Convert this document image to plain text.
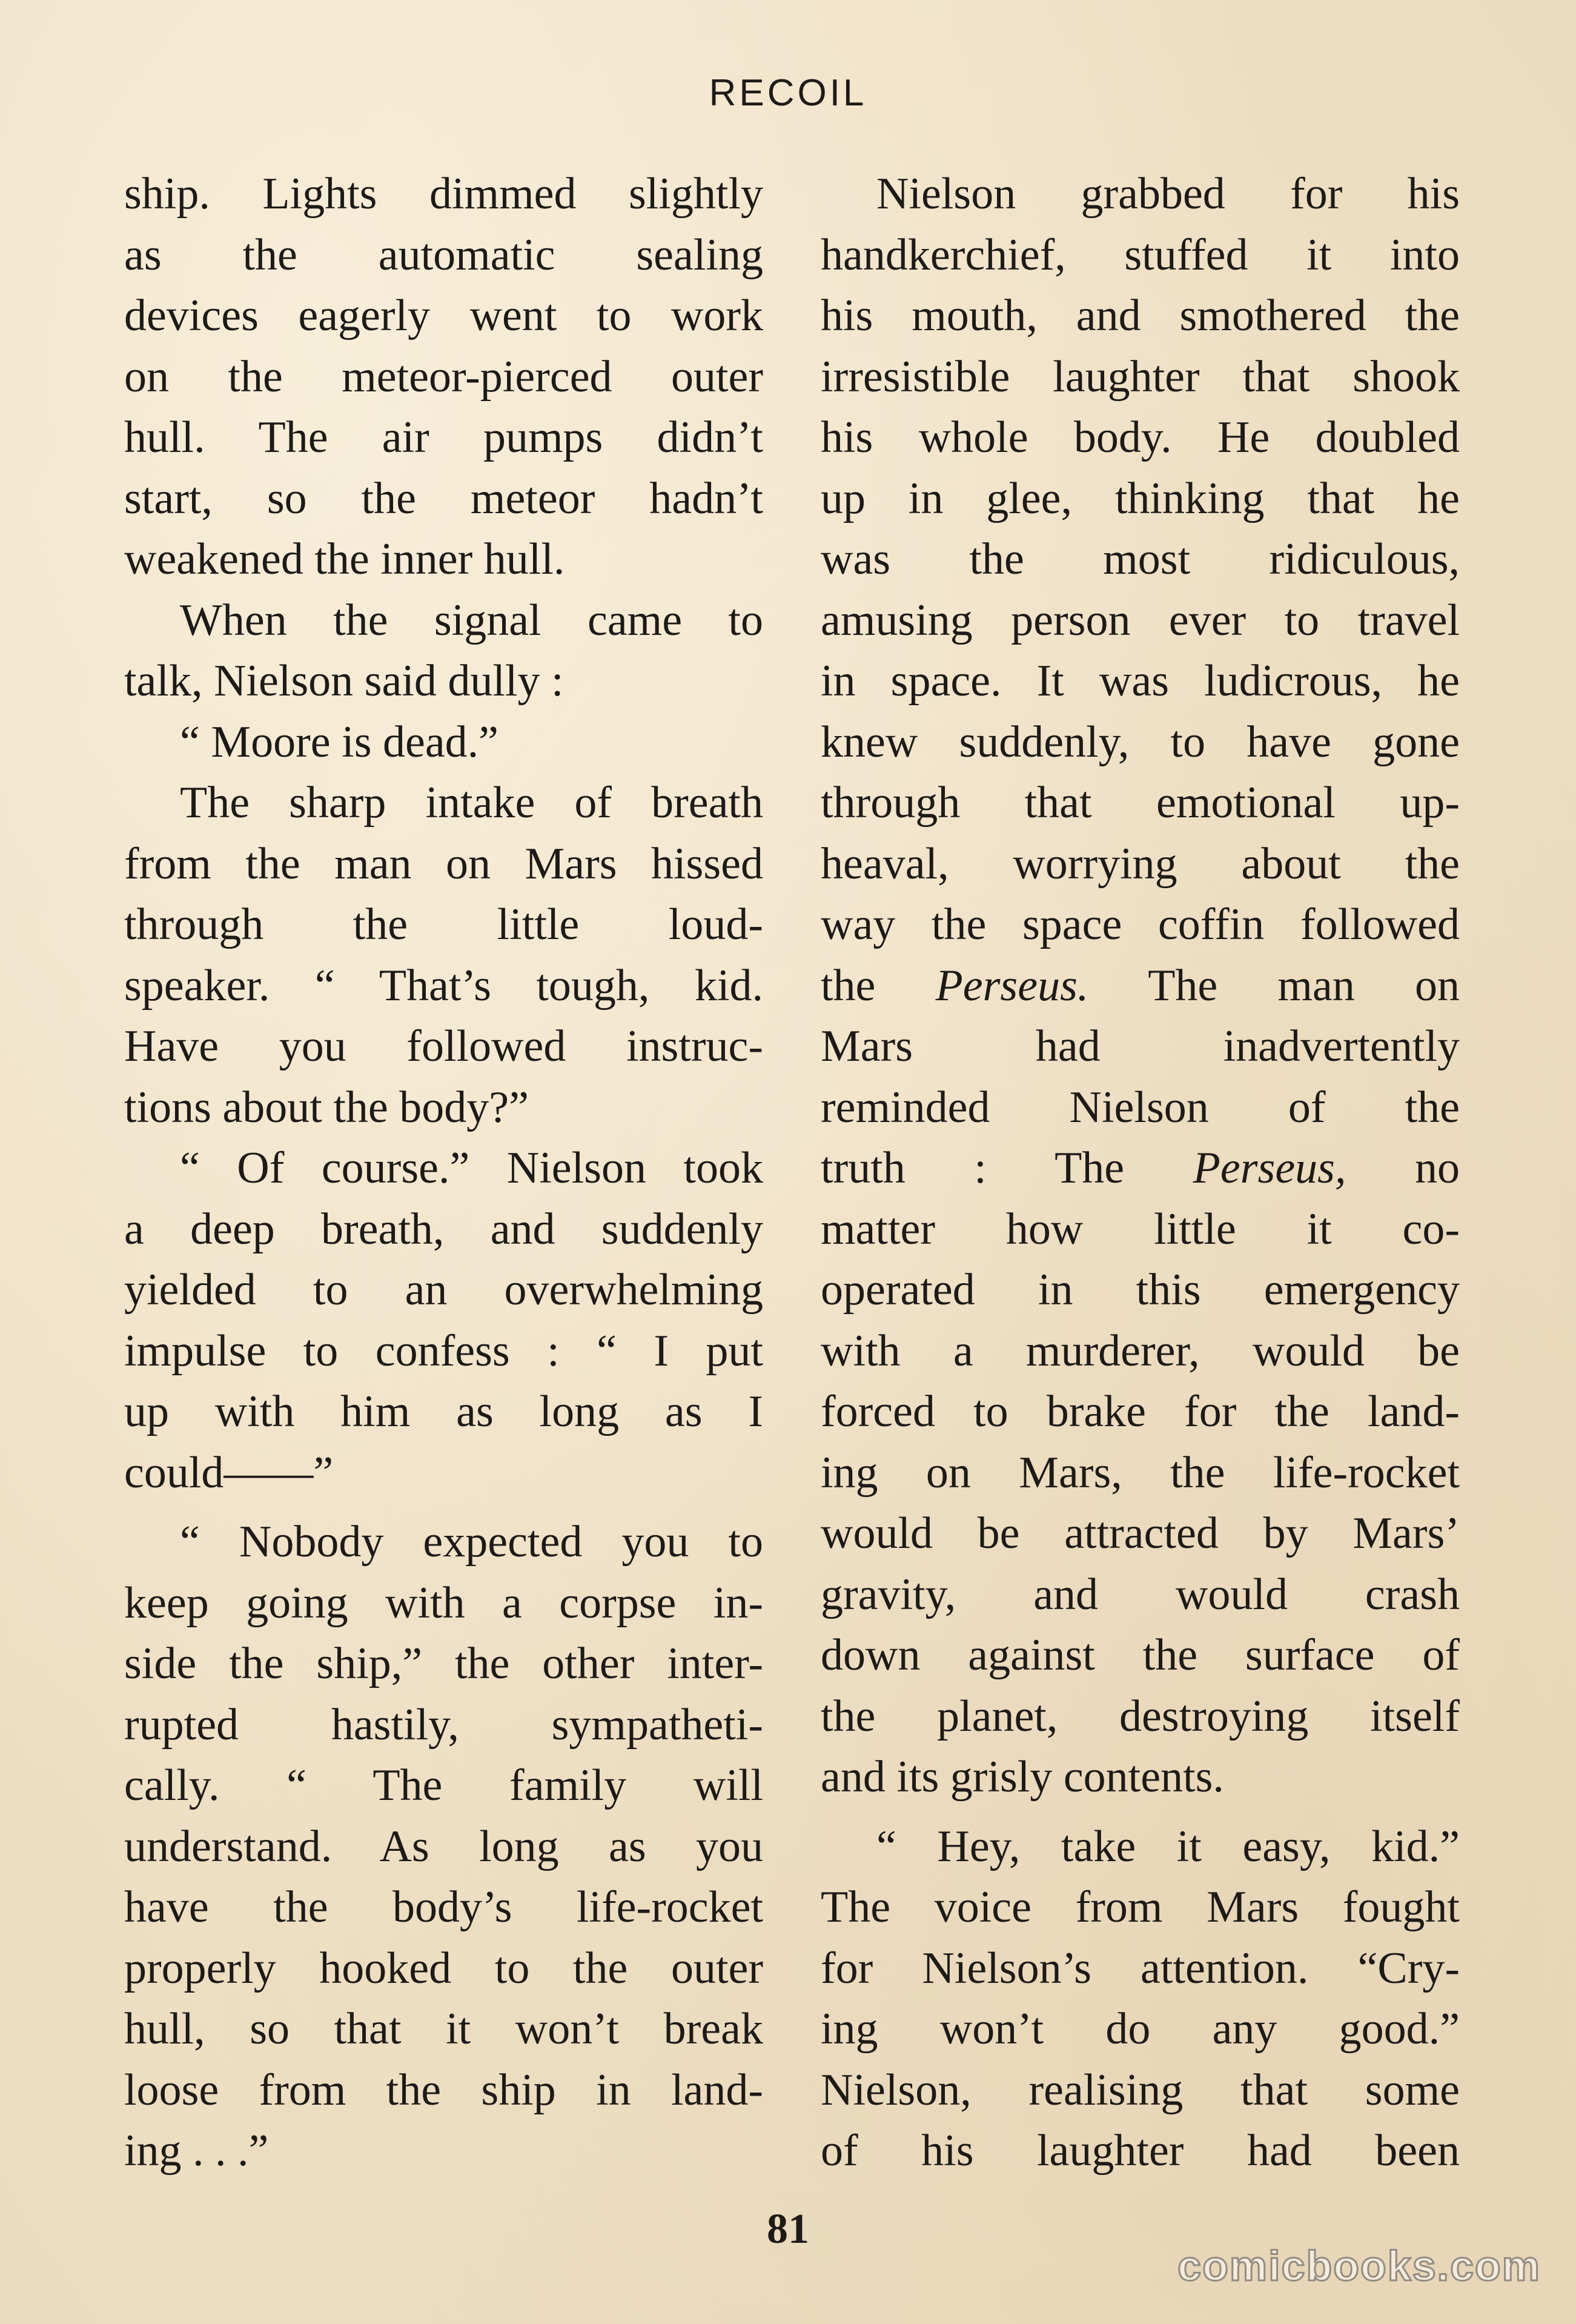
RECOIL
ship. Lights dimmed slightly
as the automatic sealing
devices eagerly went to work
on the meteor-pierced outer
hull. The air pumps didn’t
start, so the meteor hadn’t
weakened the inner hull.
When the signal came to
talk, Nielson said dully :
“ Moore is dead.”
The sharp intake of breath
from the man on Mars hissed
through the little loud-
speaker. “ That’s tough, kid.
Have you followed instruc-
tions about the body?”
“ Of course.” Nielson took
a deep breath, and suddenly
yielded to an overwhelming
impulse to confess : “ I put
up with him as long as I
could——”
“ Nobody expected you to
keep going with a corpse in-
side the ship,” the other inter-
rupted hastily, sympatheti-
cally. “ The family will
understand. As long as you
have the body’s life-rocket
properly hooked to the outer
hull, so that it won’t break
loose from the ship in land-
ing . . .”
Nielson grabbed for his
handkerchief, stuffed it into
his mouth, and smothered the
irresistible laughter that shook
his whole body. He doubled
up in glee, thinking that he
was the most ridiculous,
amusing person ever to travel
in space. It was ludicrous, he
knew suddenly, to have gone
through that emotional up-
heaval, worrying about the
way the space coffin followed
the Perseus. The man on
Mars had inadvertently
reminded Nielson of the
truth : The Perseus, no
matter how little it co-
operated in this emergency
with a murderer, would be
forced to brake for the land-
ing on Mars, the life-rocket
would be attracted by Mars’
gravity, and would crash
down against the surface of
the planet, destroying itself
and its grisly contents.
“ Hey, take it easy, kid.”
The voice from Mars fought
for Nielson’s attention. “Cry-
ing won’t do any good.”
Nielson, realising that some
of his laughter had been
81
comicbooks.com
